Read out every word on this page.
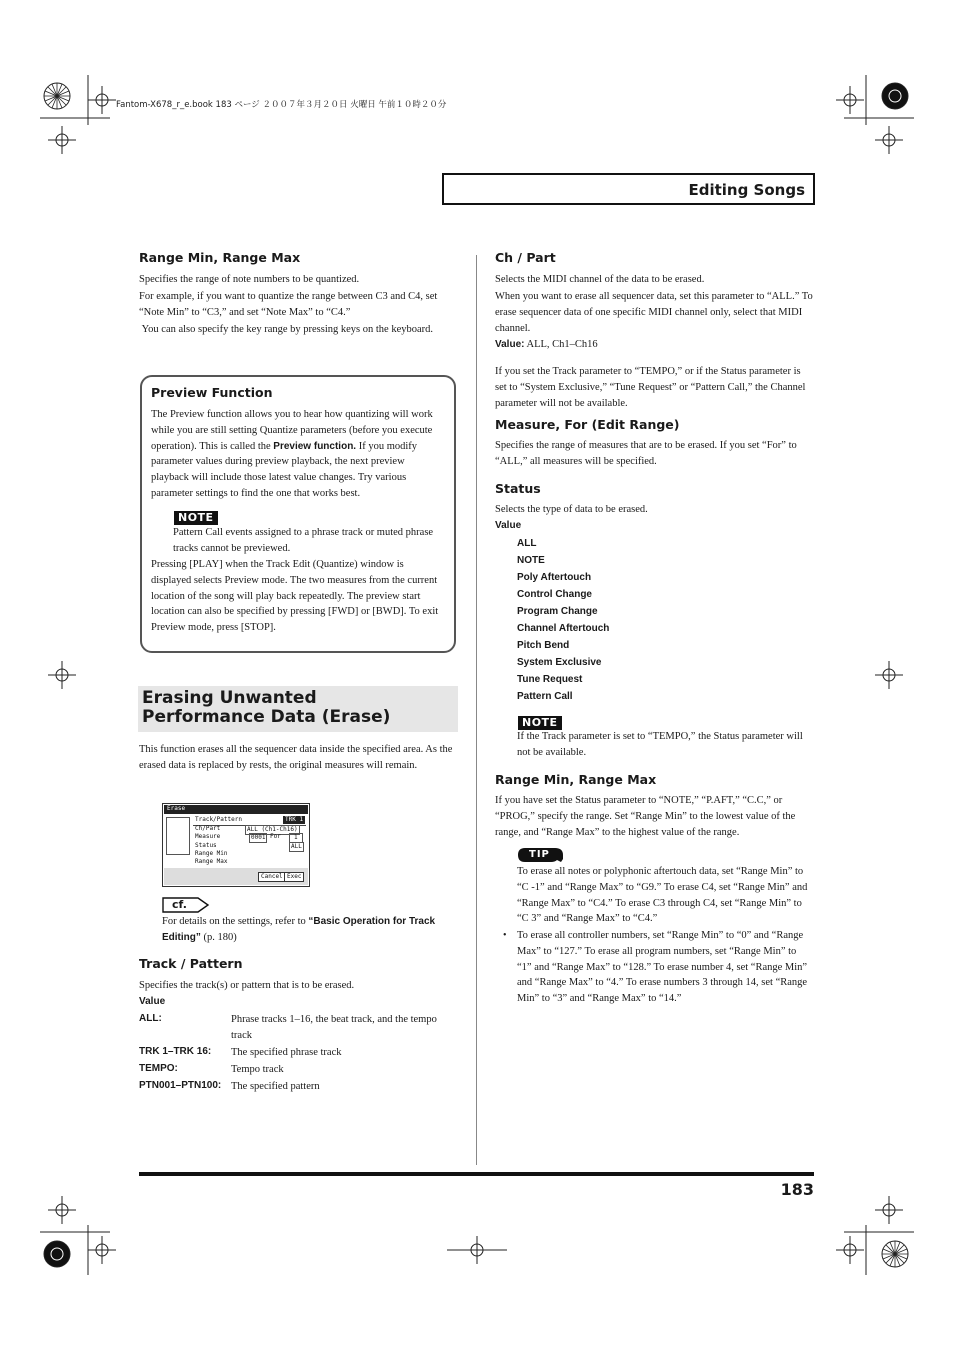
Fantom-X678_r_e.book 183 ページ ２００７年３月２０日 火曜日 午前１０時２０分
Editing Songs
Range Min, Range Max
Specifies the range of note numbers to be quantized.
For example, if you want to quantize the range between C3 and C4, set “Note Min” to “C3,” and set “Note Max” to “C4.”
You can also specify the key range by pressing keys on the keyboard.
Preview Function
The Preview function allows you to hear how quantizing will work while you are still setting Quantize parameters (before you execute operation). This is called the Preview function. If you modify parameter values during preview playback, the next preview playback will include those latest value changes. Try various parameter settings to find the one that works best.
NOTE
Pattern Call events assigned to a phrase track or muted phrase tracks cannot be previewed.
Pressing [PLAY] when the Track Edit (Quantize) window is displayed selects Preview mode. The two measures from the current location of the song will play back repeatedly. The preview start location can also be specified by pressing [FWD] or [BWD]. To exit Preview mode, press [STOP].
Erasing Unwanted Performance Data (Erase)
This function erases all the sequencer data inside the specified area. As the erased data is replaced by rests, the original measures will remain.
Erase
Track/Pattern	TRK 1
Ch/Part	ALL (Ch1-Ch16)
Measure	0001 For	1
Status	ALL
Range Min
Range Max
Cancel Exec
cf.
For details on the settings, refer to “Basic Operation for Track Editing” (p. 180)
Track / Pattern
Specifies the track(s) or pattern that is to be erased.
Value
ALL:	Phrase tracks 1–16, the beat track, and the tempo track
TRK 1–TRK 16: The specified phrase track
TEMPO:	Tempo track
PTN001–PTN100: The specified pattern
Ch / Part
Selects the MIDI channel of the data to be erased.
When you want to erase all sequencer data, set this parameter to “ALL.” To erase sequencer data of one specific MIDI channel only, select that MIDI channel.
Value: ALL, Ch1–Ch16
If you set the Track parameter to “TEMPO,” or if the Status parameter is set to “System Exclusive,” “Tune Request” or “Pattern Call,” the Channel parameter will not be available.
Measure, For (Edit Range)
Specifies the range of measures that are to be erased. If you set “For” to “ALL,” all measures will be specified.
Status
Selects the type of data to be erased.
Value
ALL
NOTE
Poly Aftertouch
Control Change
Program Change
Channel Aftertouch
Pitch Bend
System Exclusive
Tune Request
Pattern Call
NOTE
If the Track parameter is set to “TEMPO,” the Status parameter will not be available.
Range Min, Range Max
If you have set the Status parameter to “NOTE,” “P.AFT,” “C.C,” or “PROG,” specify the range. Set “Range Min” to the lowest value of the range, and “Range Max” to the highest value of the range.
TIP
To erase all notes or polyphonic aftertouch data, set “Range Min” to “C -1” and “Range Max” to “G9.” To erase C4, set “Range Min” and “Range Max” to “C4.” To erase C3 through C4, set “Range Min” to “C 3” and “Range Max” to “C4.”
• To erase all controller numbers, set “Range Min” to “0” and “Range Max” to “127.” To erase all program numbers, set “Range Min” to “1” and “Range Max” to “128.” To erase number 4, set “Range Min” and “Range Max” to “4.” To erase numbers 3 through 14, set “Range Min” to “3” and “Range Max” to “14.”
183
